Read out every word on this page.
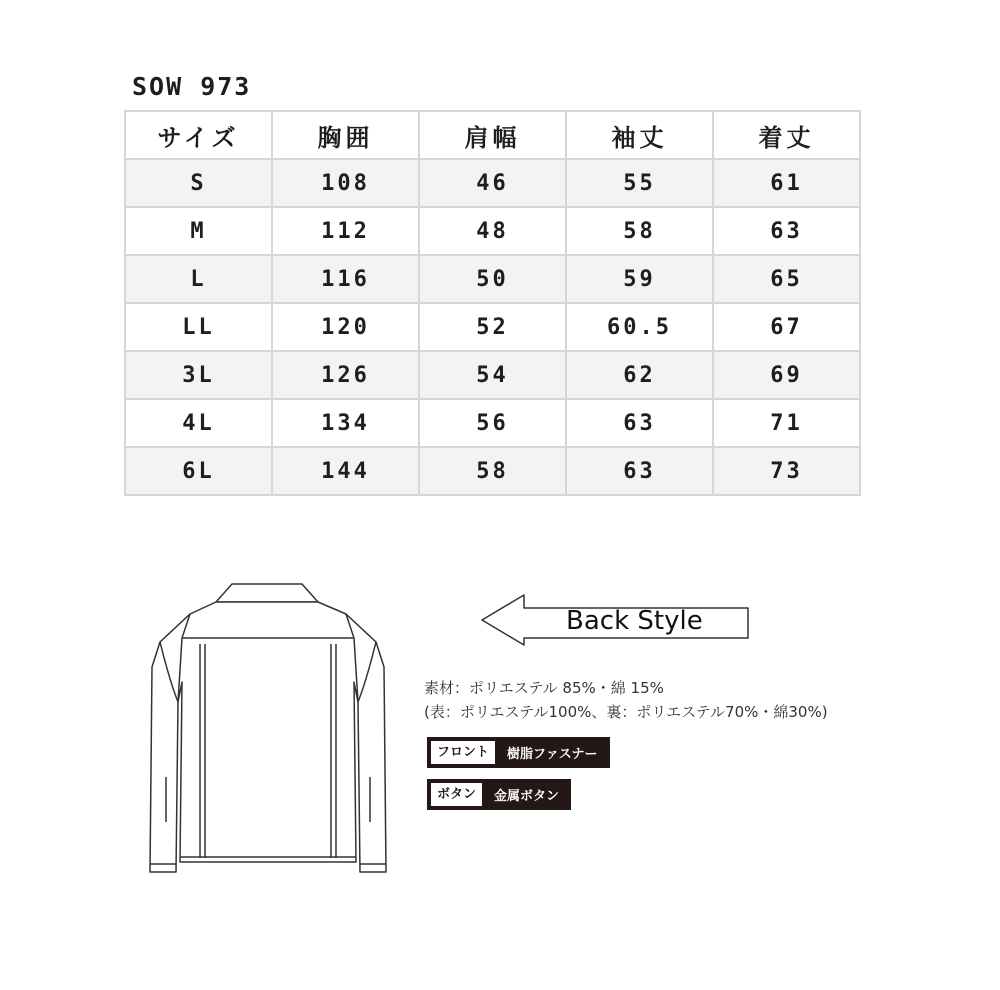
SOW 973
サイズ	胸囲	肩幅	袖丈	着丈
S	108	46	55	61
M	112	48	58	63
L	116	50	59	65
LL	120	52	60.5	67
3L	126	54	62	69
4L	134	56	63	71
6L	144	58	63	73
Back Style
素材：ポリエステル 85%・綿 15%
(表：ポリエステル100%、裏：ポリエステル70%・綿30%)
フロント	樹脂ファスナー
ボタン	金属ボタン
